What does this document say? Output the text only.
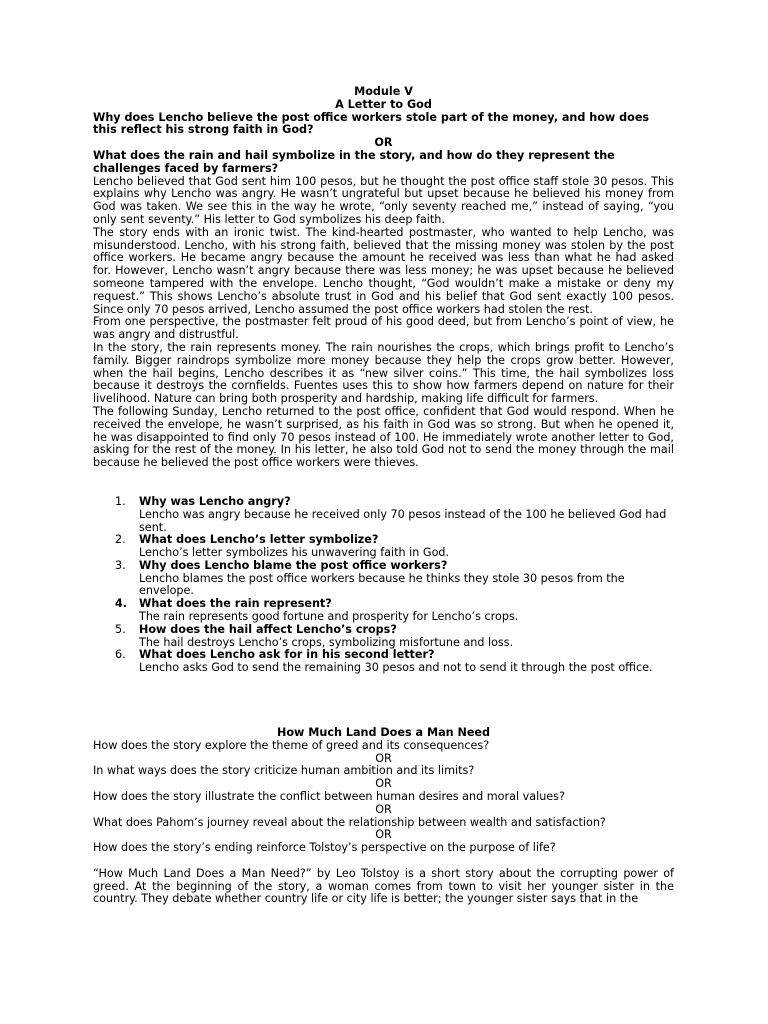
Module V

A Letter to God

Why does Lencho believe the post office workers stole part of the money, and how does this reflect his strong faith in God?

OR

What does the rain and hail symbolize in the story, and how do they represent the challenges faced by farmers?

Lencho believed that God sent him 100 pesos, but he thought the post office staff stole 30 pesos. This explains why Lencho was angry. He wasn’t ungrateful but upset because he believed his money from God was taken. We see this in the way he wrote, “only seventy reached me,” instead of saying, “you only sent seventy.” His letter to God symbolizes his deep faith.

The story ends with an ironic twist. The kind-hearted postmaster, who wanted to help Lencho, was misunderstood. Lencho, with his strong faith, believed that the missing money was stolen by the post office workers. He became angry because the amount he received was less than what he had asked for. However, Lencho wasn’t angry because there was less money; he was upset because he believed someone tampered with the envelope. Lencho thought, “God wouldn’t make a mistake or deny my request.” This shows Lencho’s absolute trust in God and his belief that God sent exactly 100 pesos. Since only 70 pesos arrived, Lencho assumed the post office workers had stolen the rest.

From one perspective, the postmaster felt proud of his good deed, but from Lencho’s point of view, he was angry and distrustful.

In the story, the rain represents money. The rain nourishes the crops, which brings profit to Lencho’s family. Bigger raindrops symbolize more money because they help the crops grow better. However, when the hail begins, Lencho describes it as “new silver coins.” This time, the hail symbolizes loss because it destroys the cornfields. Fuentes uses this to show how farmers depend on nature for their livelihood. Nature can bring both prosperity and hardship, making life difficult for farmers.

The following Sunday, Lencho returned to the post office, confident that God would respond. When he received the envelope, he wasn’t surprised, as his faith in God was so strong. But when he opened it, he was disappointed to find only 70 pesos instead of 100. He immediately wrote another letter to God, asking for the rest of the money. In his letter, he also told God not to send the money through the mail because he believed the post office workers were thieves.

1. Why was Lencho angry?

Lencho was angry because he received only 70 pesos instead of the 100 he believed God had sent.

2. What does Lencho’s letter symbolize?

Lencho’s letter symbolizes his unwavering faith in God.

3. Why does Lencho blame the post office workers?

Lencho blames the post office workers because he thinks they stole 30 pesos from the envelope.

4. What does the rain represent?

The rain represents good fortune and prosperity for Lencho’s crops.

5. How does the hail affect Lencho’s crops?

The hail destroys Lencho’s crops, symbolizing misfortune and loss.

6. What does Lencho ask for in his second letter?

Lencho asks God to send the remaining 30 pesos and not to send it through the post office.

How Much Land Does a Man Need

How does the story explore the theme of greed and its consequences?

OR

In what ways does the story criticize human ambition and its limits?

OR

How does the story illustrate the conflict between human desires and moral values?

OR

What does Pahom’s journey reveal about the relationship between wealth and satisfaction?

OR

How does the story’s ending reinforce Tolstoy’s perspective on the purpose of life?

“How Much Land Does a Man Need?” by Leo Tolstoy is a short story about the corrupting power of greed. At the beginning of the story, a woman comes from town to visit her younger sister in the country. They debate whether country life or city life is better; the younger sister says that in the
